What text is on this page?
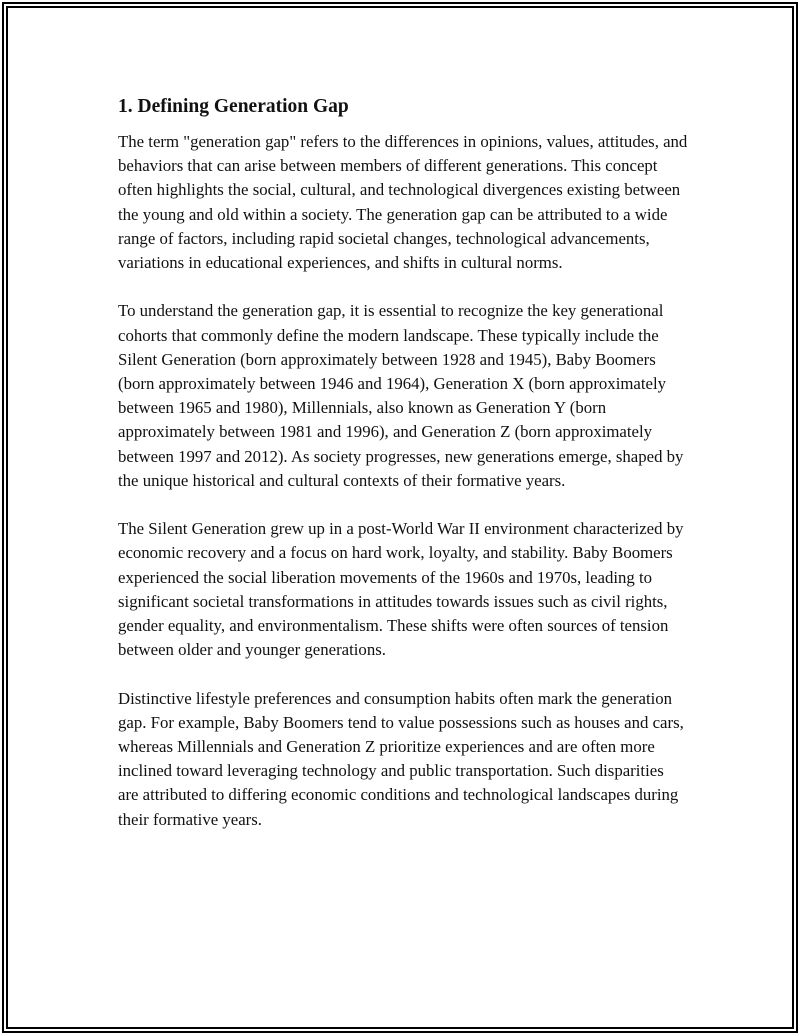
1. Defining Generation Gap

The term "generation gap" refers to the differences in opinions, values, attitudes, and behaviors that can arise between members of different generations. This concept often highlights the social, cultural, and technological divergences existing between the young and old within a society. The generation gap can be attributed to a wide range of factors, including rapid societal changes, technological advancements, variations in educational experiences, and shifts in cultural norms.

To understand the generation gap, it is essential to recognize the key generational cohorts that commonly define the modern landscape. These typically include the Silent Generation (born approximately between 1928 and 1945), Baby Boomers (born approximately between 1946 and 1964), Generation X (born approximately between 1965 and 1980), Millennials, also known as Generation Y (born approximately between 1981 and 1996), and Generation Z (born approximately between 1997 and 2012). As society progresses, new generations emerge, shaped by the unique historical and cultural contexts of their formative years.

The Silent Generation grew up in a post-World War II environment characterized by economic recovery and a focus on hard work, loyalty, and stability. Baby Boomers experienced the social liberation movements of the 1960s and 1970s, leading to significant societal transformations in attitudes towards issues such as civil rights, gender equality, and environmentalism. These shifts were often sources of tension between older and younger generations.

Distinctive lifestyle preferences and consumption habits often mark the generation gap. For example, Baby Boomers tend to value possessions such as houses and cars, whereas Millennials and Generation Z prioritize experiences and are often more inclined toward leveraging technology and public transportation. Such disparities are attributed to differing economic conditions and technological landscapes during their formative years.
